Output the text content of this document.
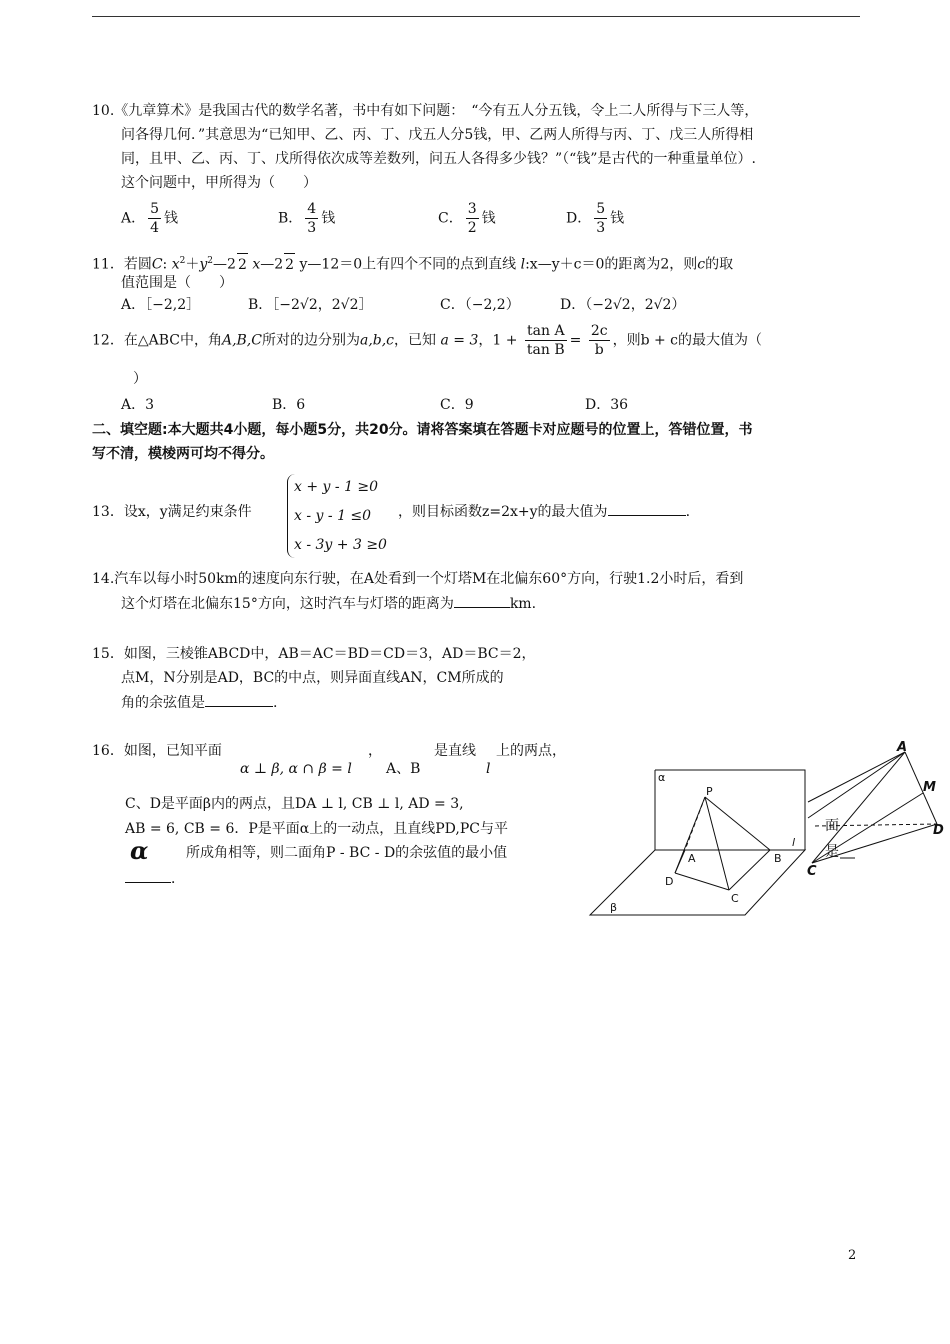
10.《九章算术》是我国古代的数学名著，书中有如下问题：　“今有五人分五钱，令上二人所得与下三人等，
问各得几何．”其意思为“已知甲、乙、丙、丁、戊五人分5钱，甲、乙两人所得与丙、丁、戊三人所得相
同，且甲、乙、丙、丁、戊所得依次成等差数列，问五人各得多少钱？”（“钱”是古代的一种重量单位）.
这个问题中，甲所得为（　　）
A． $\frac{5}{4}$ 钱	B． $\frac{4}{3}$ 钱	C． $\frac{3}{2}$ 钱	D． $\frac{5}{3}$ 钱
11．若圆C: $x^2+y^2—2$ 2 x—2 2 y—12＝0上有四个不同的点到直线 l:x—y＋c＝0的距离为2，则c的取
值范围是（　　）
A．［−2,2］	B．［−2√2，2√2］	C．（−2,2）	D．（−2√2，2√2）
12．在△ABC中，角A,B,C所对的边分别为a,b,c，已知 a = 3，$1 + \frac{\text{tan A}}{\text{tan B}} = \frac{2c}{b}$ ，则b + c的最大值为（
）
A．3	B．6	C．9	D．36
二、填空题:本大题共4小题，每小题5分，共20分。请将答案填在答题卡对应题号的位置上，答错位置，书
写不清，模棱两可均不得分。
13．设x，y满足约束条件
x + y - 1 ≥0
x - y - 1 ≤0
x - 3y + 3 ≥0
，则目标函数z=2x+y的最大值为	.
14.汽车以每小时50km的速度向东行驶，在A处看到一个灯塔M在北偏东60°方向，行驶1.2小时后，看到
这个灯塔在北偏东15°方向，这时汽车与灯塔的距离为	km.
15．如图，三棱锥ABCD中，AB＝AC＝BD＝CD＝3，AD＝BC＝2，
点M，N分别是AD，BC的中点，则异面直线AN，CM所成的
角的余弦值是	.
16．如图，已知平面	，
α ⊥ β, α ∩ β = l A、B
是直线
l
上的两点，
C、D是平面β内的两点，且DA ⊥ l, CB ⊥ l, AD = 3,
AB = 6, CB = 6．P是平面α上的一动点，且直线PD,PC与平
α	所成角相等，则二面角P - BC - D的余弦值的最小值
．
α
β
P
A	B
D
C
l
A
M
D
C
面
是
2
